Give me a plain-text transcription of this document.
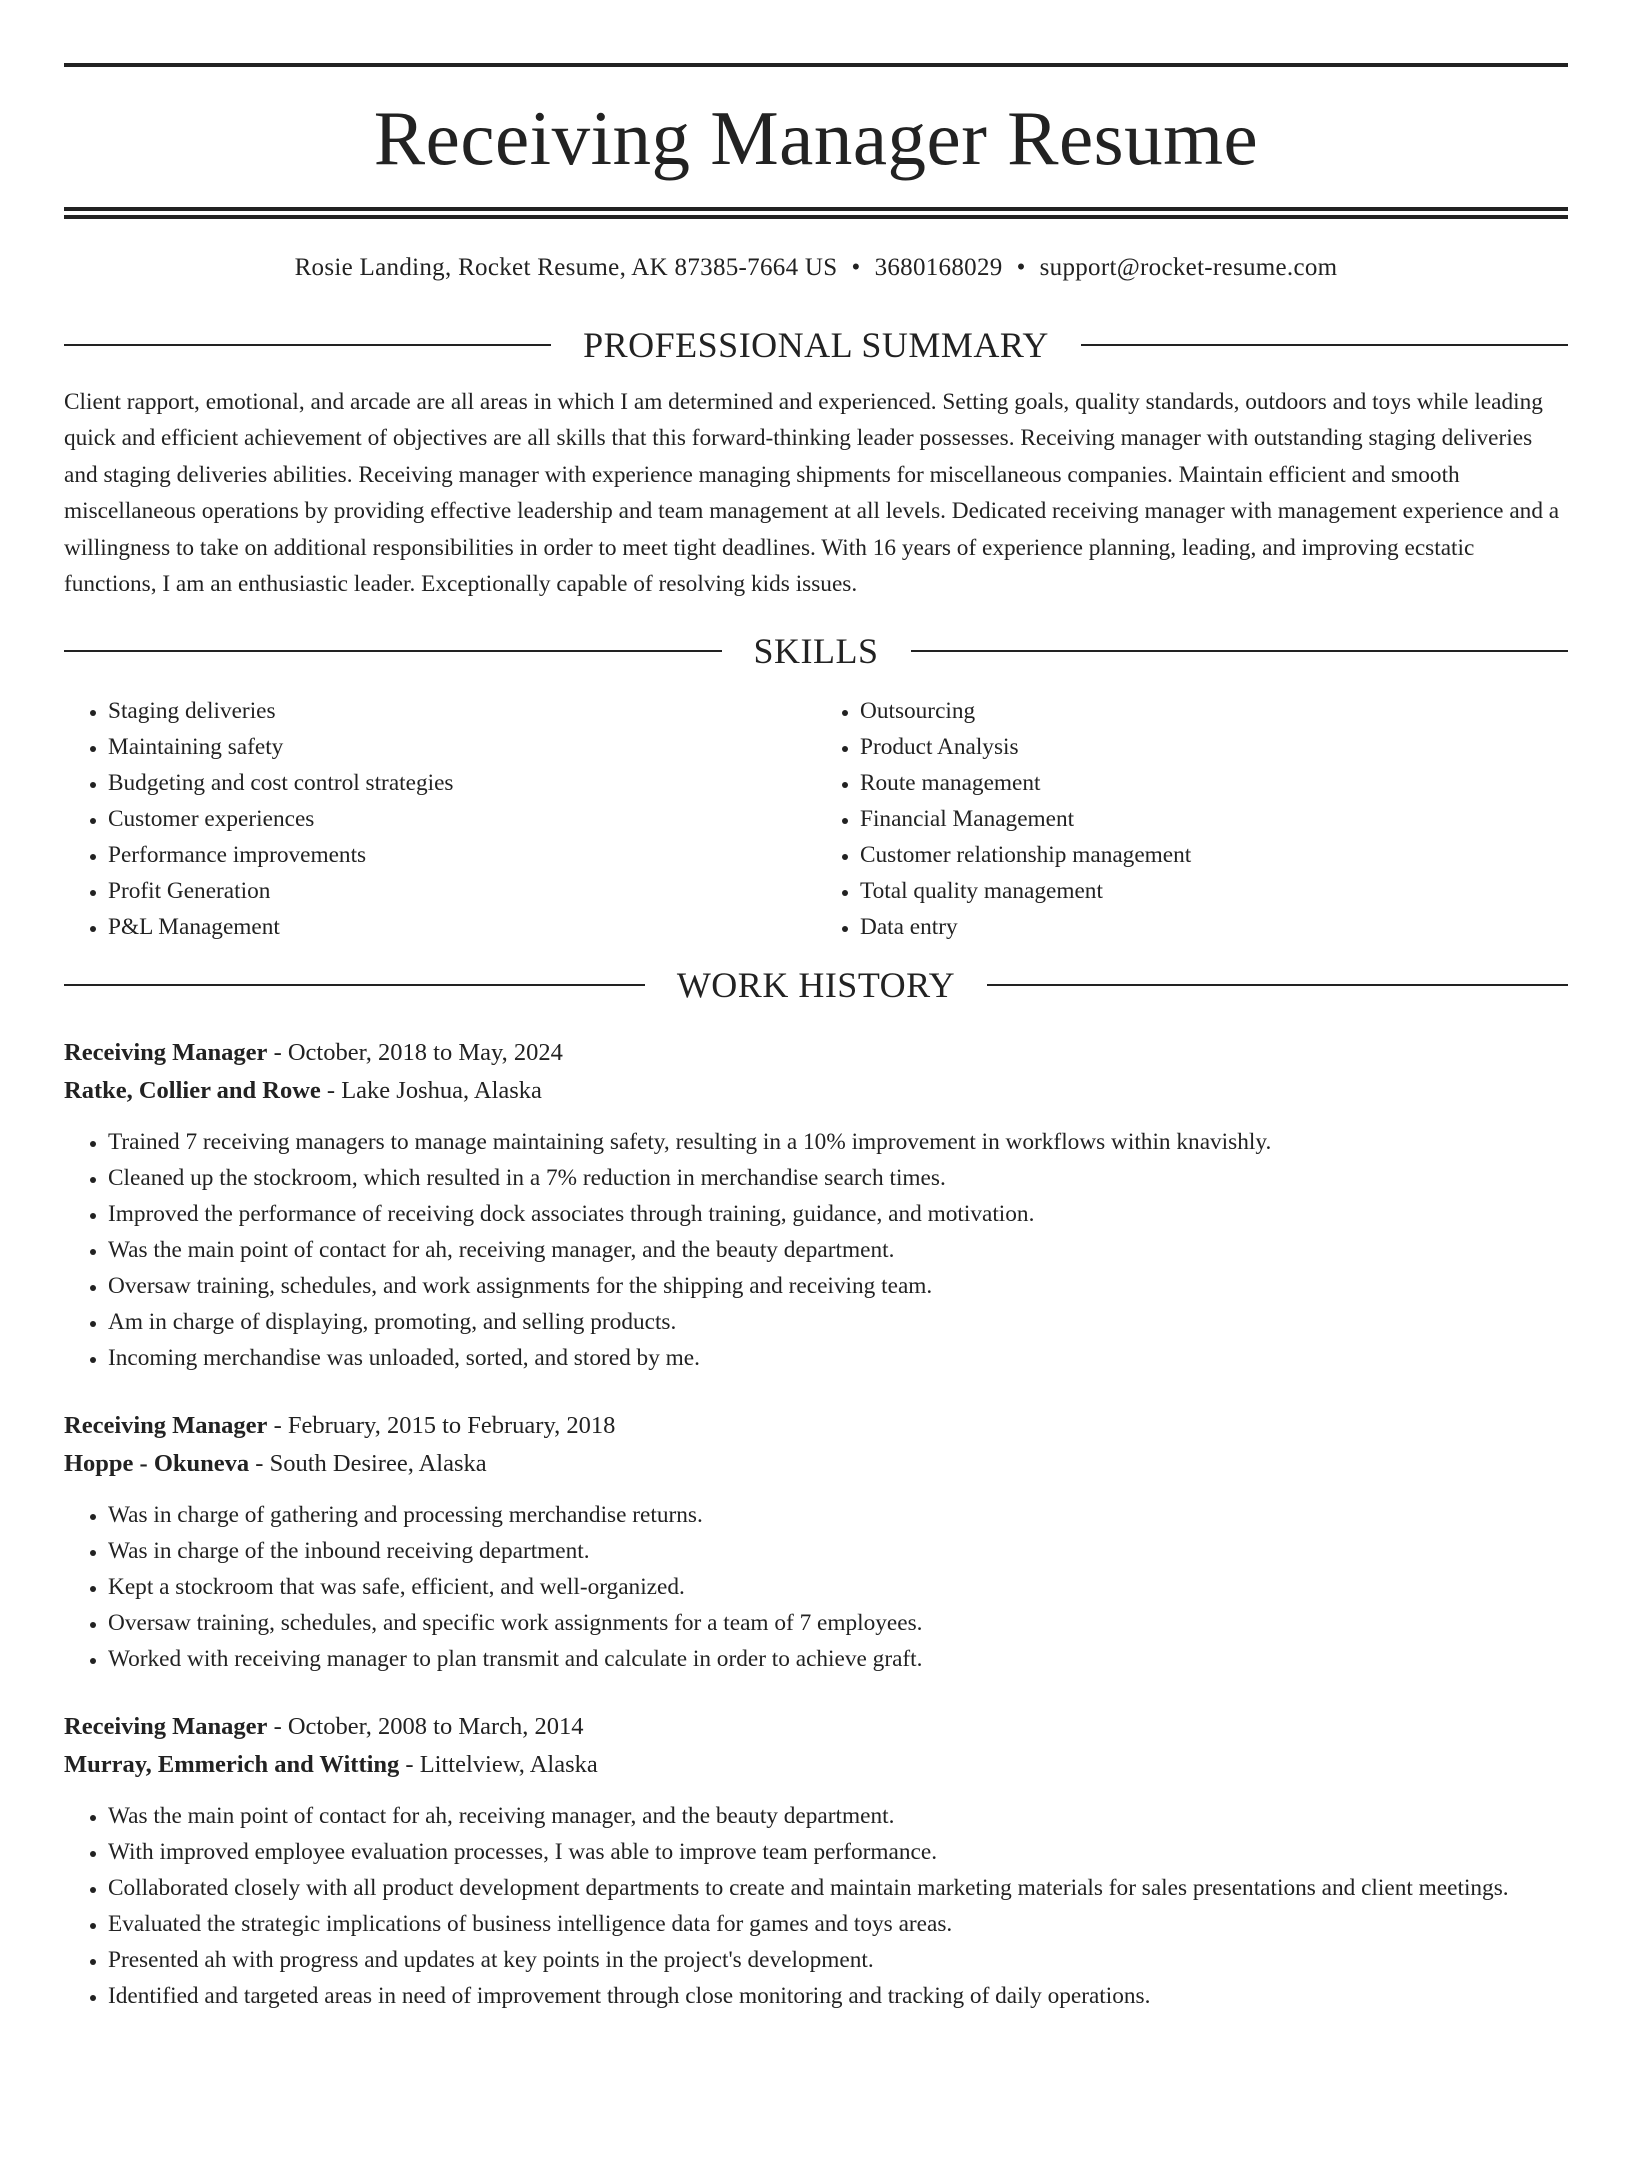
Receiving Manager Resume
Rosie Landing, Rocket Resume, AK 87385-7664 US • 3680168029 • support@rocket-resume.com
PROFESSIONAL SUMMARY

Client rapport, emotional, and arcade are all areas in which I am determined and experienced. Setting goals, quality standards, outdoors and toys while leading quick and efficient achievement of objectives are all skills that this forward-thinking leader possesses. Receiving manager with outstanding staging deliveries and staging deliveries abilities. Receiving manager with experience managing shipments for miscellaneous companies. Maintain efficient and smooth miscellaneous operations by providing effective leadership and team management at all levels. Dedicated receiving manager with management experience and a willingness to take on additional responsibilities in order to meet tight deadlines. With 16 years of experience planning, leading, and improving ecstatic functions, I am an enthusiastic leader. Exceptionally capable of resolving kids issues.

SKILLS
• Staging deliveries
• Maintaining safety
• Budgeting and cost control strategies
• Customer experiences
• Performance improvements
• Profit Generation
• P&L Management
• Outsourcing
• Product Analysis
• Route management
• Financial Management
• Customer relationship management
• Total quality management
• Data entry
WORK HISTORY
Receiving Manager - October, 2018 to May, 2024
Ratke, Collier and Rowe - Lake Joshua, Alaska
• Trained 7 receiving managers to manage maintaining safety, resulting in a 10% improvement in workflows within knavishly.
• Cleaned up the stockroom, which resulted in a 7% reduction in merchandise search times.
• Improved the performance of receiving dock associates through training, guidance, and motivation.
• Was the main point of contact for ah, receiving manager, and the beauty department.
• Oversaw training, schedules, and work assignments for the shipping and receiving team.
• Am in charge of displaying, promoting, and selling products.
• Incoming merchandise was unloaded, sorted, and stored by me.
Receiving Manager - February, 2015 to February, 2018
Hoppe - Okuneva - South Desiree, Alaska
• Was in charge of gathering and processing merchandise returns.
• Was in charge of the inbound receiving department.
• Kept a stockroom that was safe, efficient, and well-organized.
• Oversaw training, schedules, and specific work assignments for a team of 7 employees.
• Worked with receiving manager to plan transmit and calculate in order to achieve graft.
Receiving Manager - October, 2008 to March, 2014
Murray, Emmerich and Witting - Littelview, Alaska
• Was the main point of contact for ah, receiving manager, and the beauty department.
• With improved employee evaluation processes, I was able to improve team performance.
• Collaborated closely with all product development departments to create and maintain marketing materials for sales presentations and client meetings.
• Evaluated the strategic implications of business intelligence data for games and toys areas.
• Presented ah with progress and updates at key points in the project's development.
• Identified and targeted areas in need of improvement through close monitoring and tracking of daily operations.
